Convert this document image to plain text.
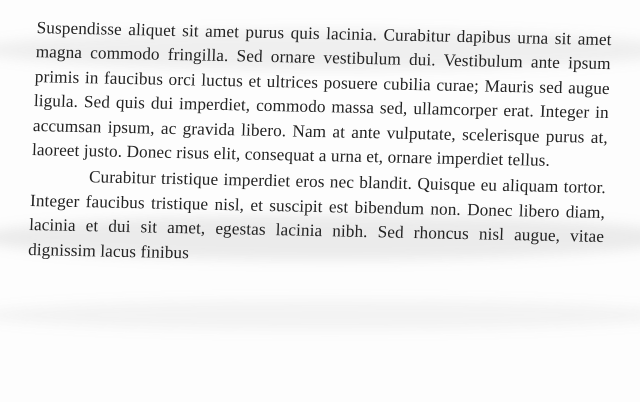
Suspendisse aliquet sit amet purus quis lacinia. Curabitur dapibus urna sit amet magna commodo fringilla. Sed ornare vestibulum dui. Vestibulum ante ipsum primis in faucibus orci luctus et ultrices posuere cubilia curae; Mauris sed augue ligula. Sed quis dui imperdiet, commodo massa sed, ullamcorper erat. Integer in accumsan ipsum, ac gravida libero. Nam at ante vulputate, scelerisque purus at, laoreet justo. Donec risus elit, consequat a urna et, ornare imperdiet tellus.

Curabitur tristique imperdiet eros nec blandit. Quisque eu aliquam tortor. Integer faucibus tristique nisl, et suscipit est bibendum non. Donec libero diam, lacinia et dui sit amet, egestas lacinia nibh. Sed rhoncus nisl augue, vitae dignissim lacus finibus
